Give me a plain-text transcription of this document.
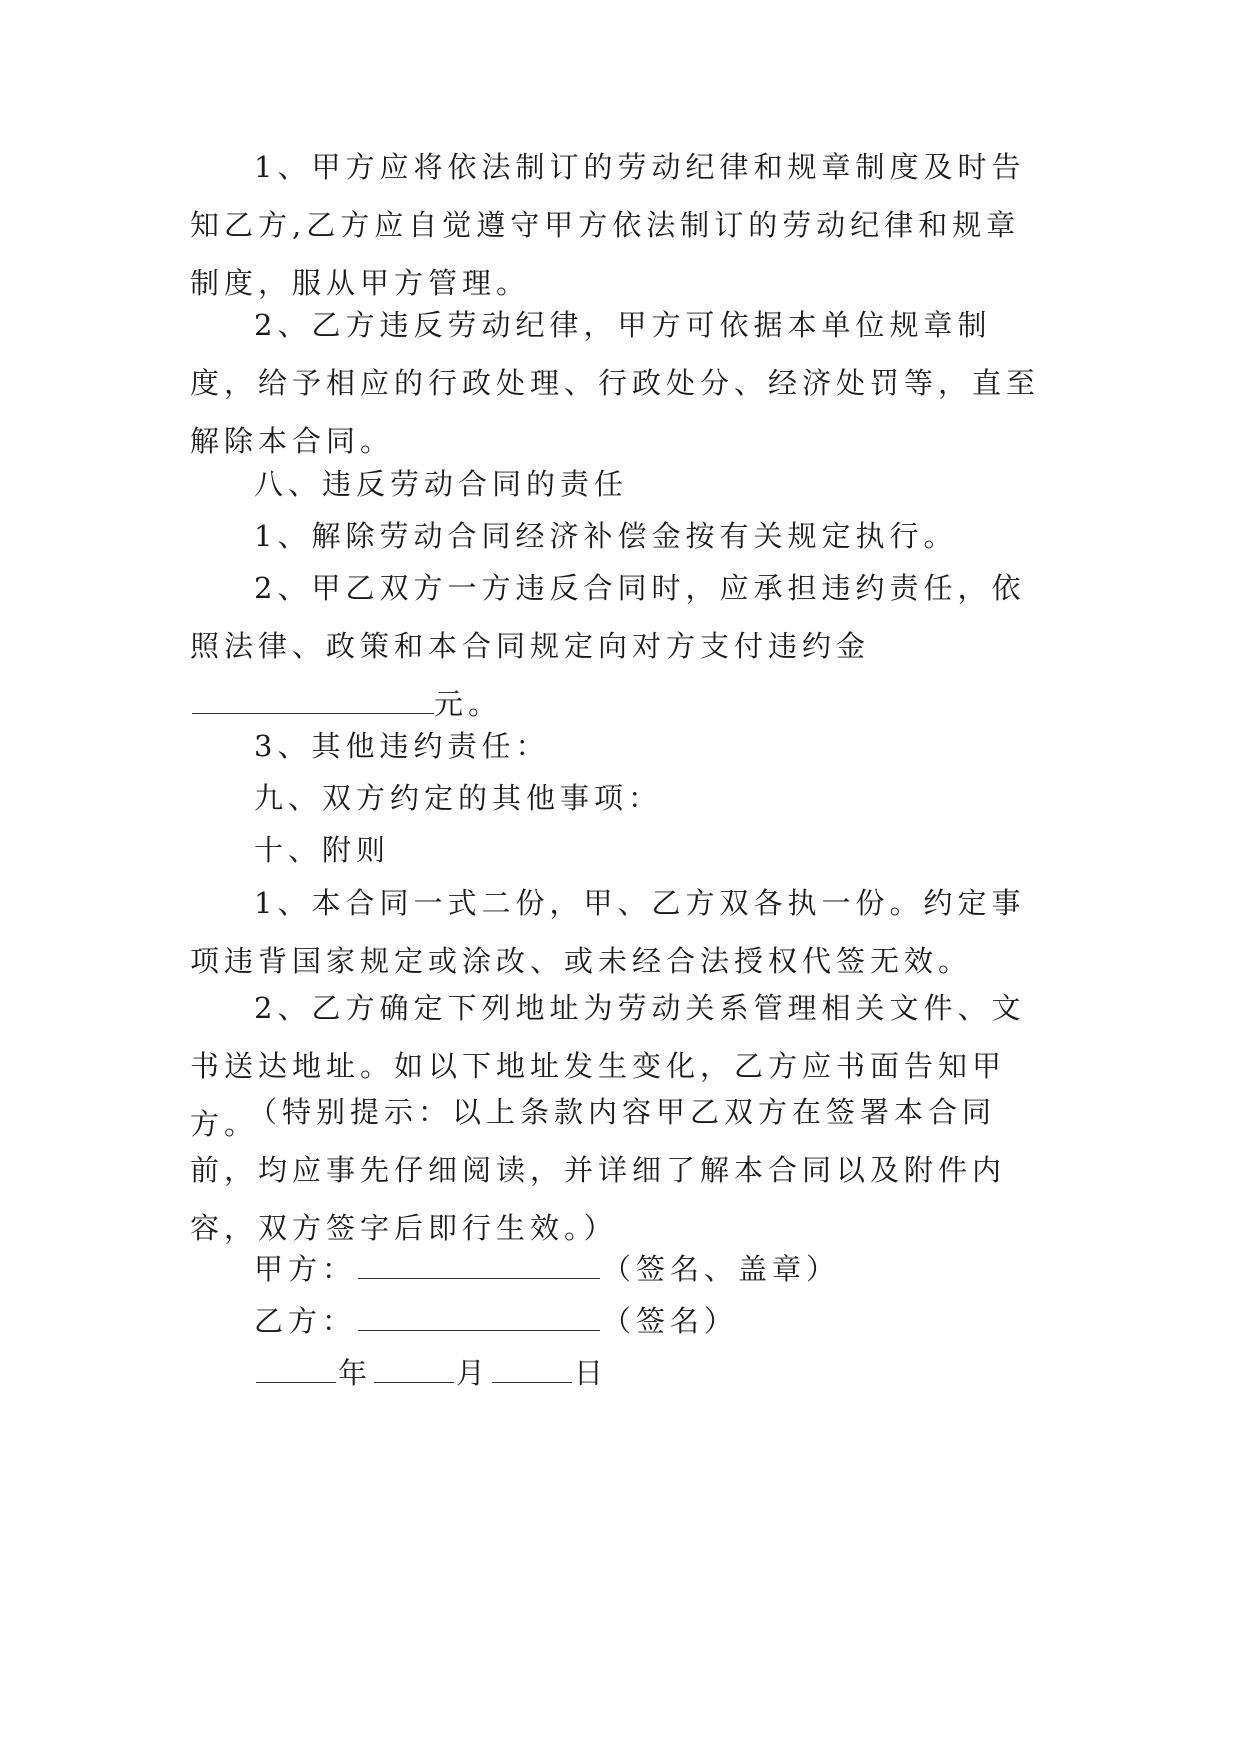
1、甲方应将依法制订的劳动纪律和规章制度及时告知乙方,乙方应自觉遵守甲方依法制订的劳动纪律和规章制度，服从甲方管理。

2、乙方违反劳动纪律，甲方可依据本单位规章制度，给予相应的行政处理、行政处分、经济处罚等，直至解除本合同。

八、违反劳动合同的责任

1、解除劳动合同经济补偿金按有关规定执行。

2、甲乙双方一方违反合同时，应承担违约责任，依照法律、政策和本合同规定向对方支付违约金元。

3、其他违约责任：

九、双方约定的其他事项：

十、附则

1、本合同一式二份，甲、乙方双各执一份。约定事项违背国家规定或涂改、或未经合法授权代签无效。

2、乙方确定下列地址为劳动关系管理相关文件、文书送达地址。如以下地址发生变化，乙方应书面告知甲方。

（特别提示：以上条款内容甲乙双方在签署本合同前，均应事先仔细阅读，并详细了解本合同以及附件内容，双方签字后即行生效。）

甲方：	（签名、盖章）

乙方：	（签名）

年	月	日
